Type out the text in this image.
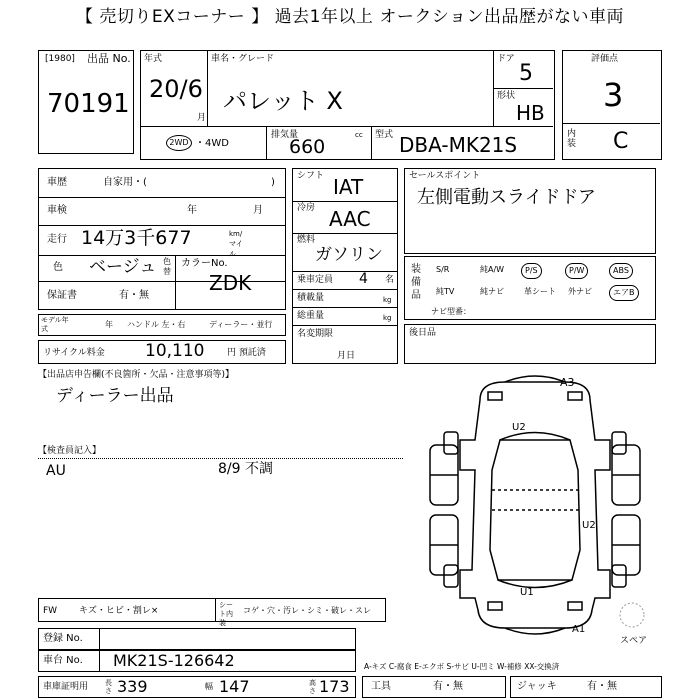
【 売切りEXコーナー 】 過去1年以上 オークション出品歴がない車両
[1980] 出品 No.
70191
年式
20/6
月
車名・グレード
パレット X
ドア
5
形状
HB
2WD ・4WD
排気量
660
cc 型式 DBA-MK21S
評価点
3
内装 C
車歴	自家用・(	)
車検	年	月
走行 14万3千677	km/マイル
色 ベージュ 色替
カラーNo.
ZDK
保証書	有・無
モデル年式	年 ハンドル 左・右	ディーラー・並行
リサイクル料金 10,110	円 預託済
シフト IAT
冷房 AAC
燃料
ガソリン
乗車定員 4 名
積載量	kg
総重量	kg
名変期限
月日
セールスポイント
左側電動スライドドア
装備品
S/R	純A/W	P/S	P/W	ABS
純TV	純ナビ	革シート	外ナビ	エアB
ナビ型番：
後日品
【出品店申告欄(不良箇所・欠品・注意事項等)】
ディーラー出品
【検査員記入】
AU	8/9 不調
A3
U2
U2
U1
A1
スペア
FW キズ・ヒビ・割レ×
シート内装
コゲ・穴・汚レ・シミ・破レ・スレ
登録 No.
車台 No. MK21S-126642	A-キズ C-腐食 E-エクボ S-サビ U-凹ミ W-補修 XX-交換済
車庫証明用 長さ 339	幅 147	高さ 173 工具	有・無	ジャッキ	有・無
